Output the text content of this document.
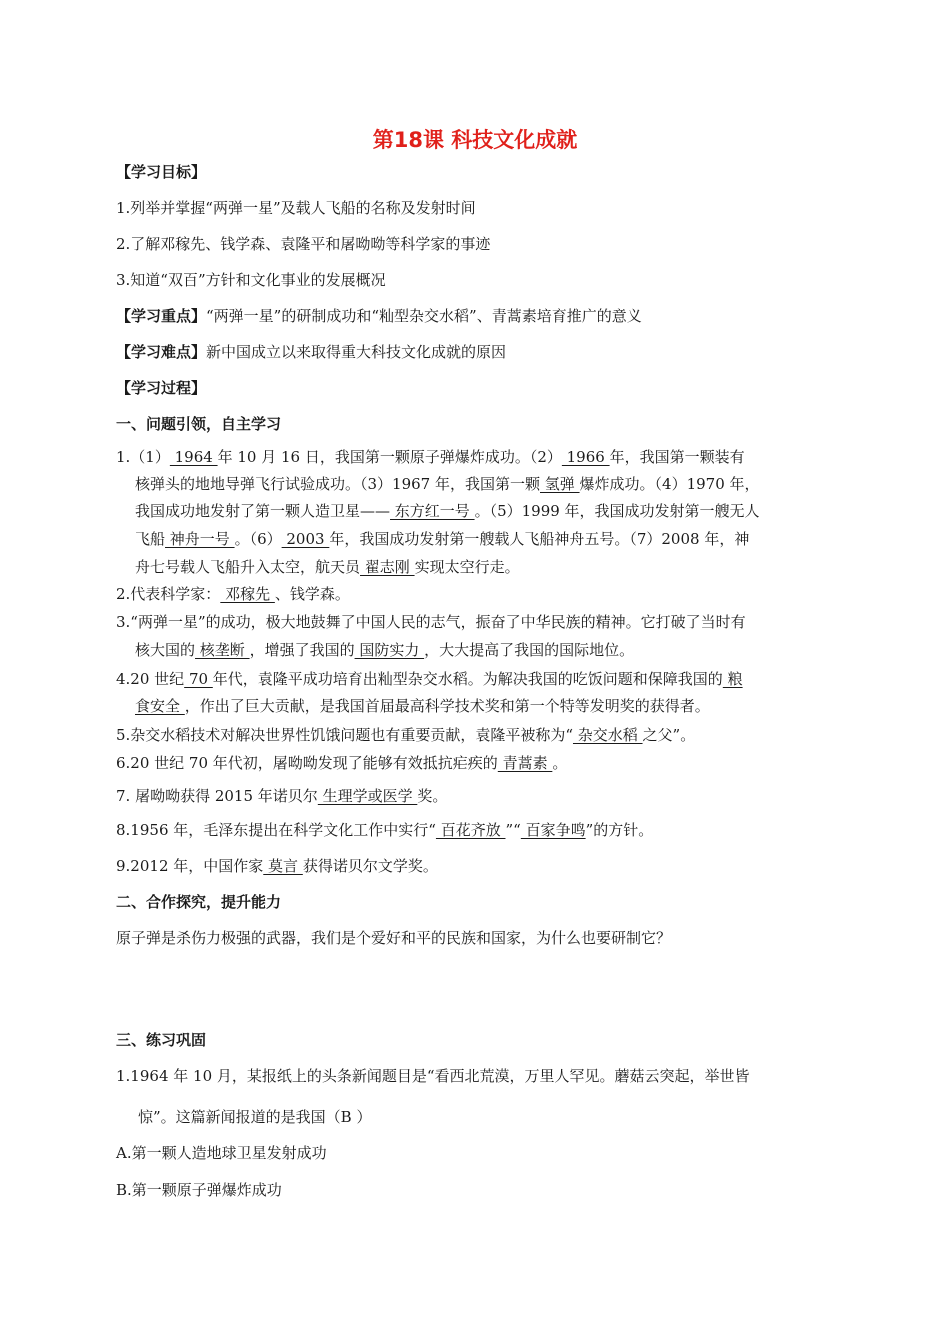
第18课 科技文化成就
【学习目标】
1.列举并掌握“两弹一星”及载人飞船的名称及发射时间
2.了解邓稼先、钱学森、袁隆平和屠呦呦等科学家的事迹
3.知道“双百”方针和文化事业的发展概况
【学习重点】“两弹一星”的研制成功和“籼型杂交水稻”、青蒿素培育推广的意义
【学习难点】新中国成立以来取得重大科技文化成就的原因
【学习过程】
一、问题引领，自主学习
1.（1） 1964 年 10 月 16 日，我国第一颗原子弹爆炸成功。（2） 1966 年，我国第一颗装有
核弹头的地地导弹飞行试验成功。（3）1967 年，我国第一颗 氢弹 爆炸成功。（4）1970 年，
我国成功地发射了第一颗人造卫星—— 东方红一号 。（5）1999 年，我国成功发射第一艘无人
飞船 神舟一号 。（6） 2003 年，我国成功发射第一艘载人飞船神舟五号。（7）2008 年，神
舟七号载人飞船升入太空，航天员 翟志刚 实现太空行走。
2.代表科学家： 邓稼先 、钱学森。
3.“两弹一星”的成功，极大地鼓舞了中国人民的志气，振奋了中华民族的精神。它打破了当时有
核大国的 核垄断 ，增强了我国的 国防实力 ，大大提高了我国的国际地位。
4.20 世纪 70 年代，袁隆平成功培育出籼型杂交水稻。为解决我国的吃饭问题和保障我国的 粮
食安全 ，作出了巨大贡献，是我国首届最高科学技术奖和第一个特等发明奖的获得者。
5.杂交水稻技术对解决世界性饥饿问题也有重要贡献，袁隆平被称为“ 杂交水稻 之父”。
6.20 世纪 70 年代初，屠呦呦发现了能够有效抵抗疟疾的 青蒿素 。
7. 屠呦呦获得 2015 年诺贝尔 生理学或医学 奖。
8.1956 年，毛泽东提出在科学文化工作中实行“ 百花齐放 ”“ 百家争鸣”的方针。
9.2012 年，中国作家 莫言 获得诺贝尔文学奖。
二、合作探究，提升能力
原子弹是杀伤力极强的武器，我们是个爱好和平的民族和国家，为什么也要研制它？
三、练习巩固
1.1964 年 10 月，某报纸上的头条新闻题目是“看西北荒漠，万里人罕见。蘑菇云突起，举世皆
惊”。这篇新闻报道的是我国（B ）
A.第一颗人造地球卫星发射成功
B.第一颗原子弹爆炸成功
